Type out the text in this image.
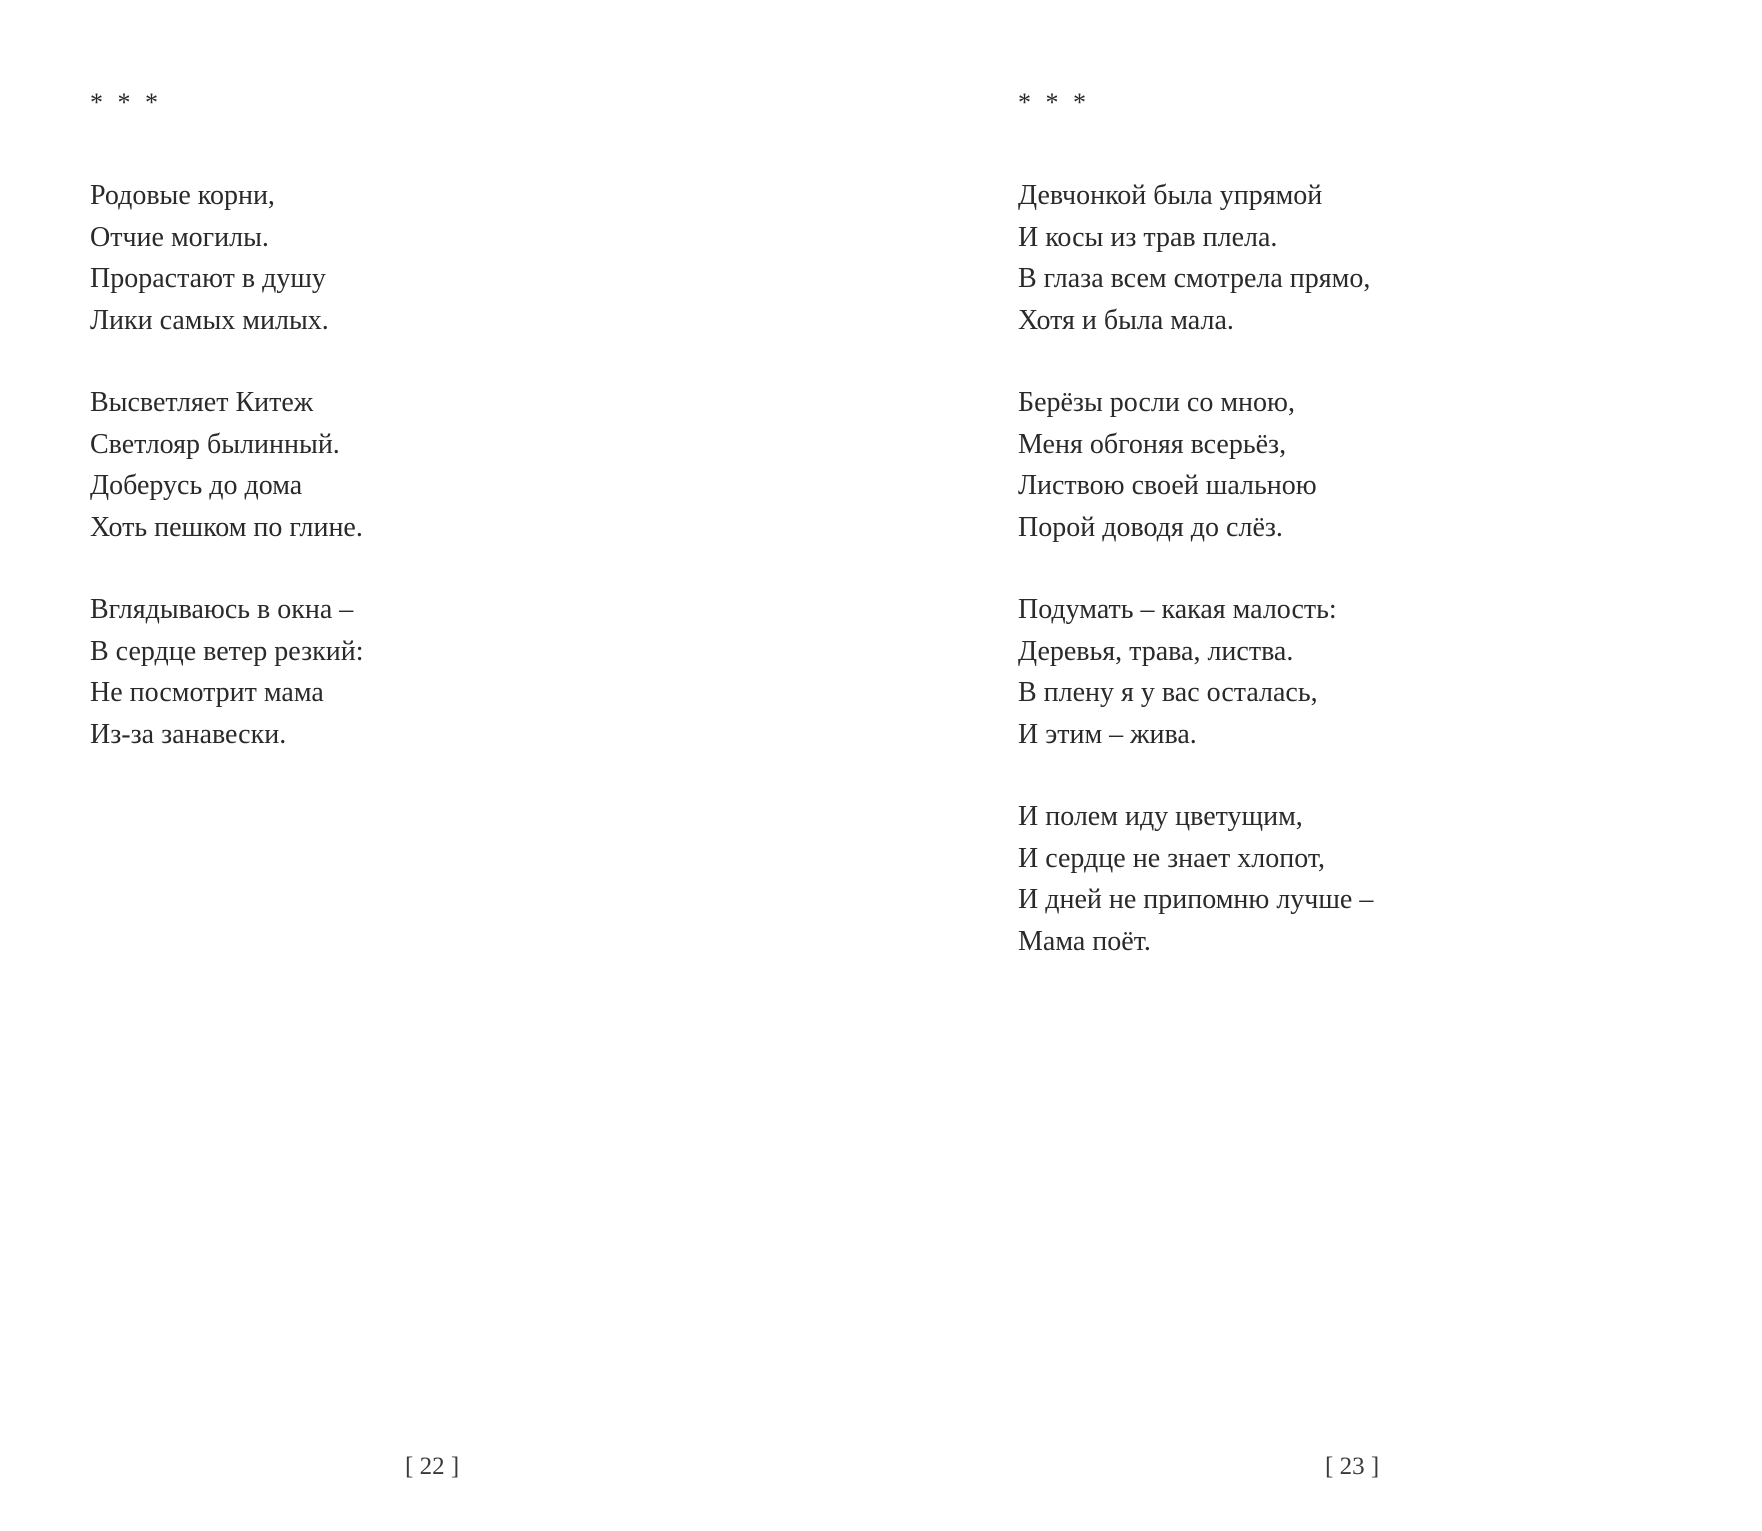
* * *

Родовые корни,
Отчие могилы.
Прорастают в душу
Лики самых милых.

Высветляет Китеж
Светлояр былинный.
Доберусь до дома
Хоть пешком по глине.

Вглядываюсь в окна –
В сердце ветер резкий:
Не посмотрит мама
Из-за занавески.

[ 22 ]
* * *

Девчонкой была упрямой
И косы из трав плела.
В глаза всем смотрела прямо,
Хотя и была мала.

Берёзы росли со мною,
Меня обгоняя всерьёз,
Листвою своей шальною
Порой доводя до слёз.

Подумать – какая малость:
Деревья, трава, листва.
В плену я у вас осталась,
И этим – жива.

И полем иду цветущим,
И сердце не знает хлопот,
И дней не припомню лучше –
Мама поёт.

[ 23 ]
